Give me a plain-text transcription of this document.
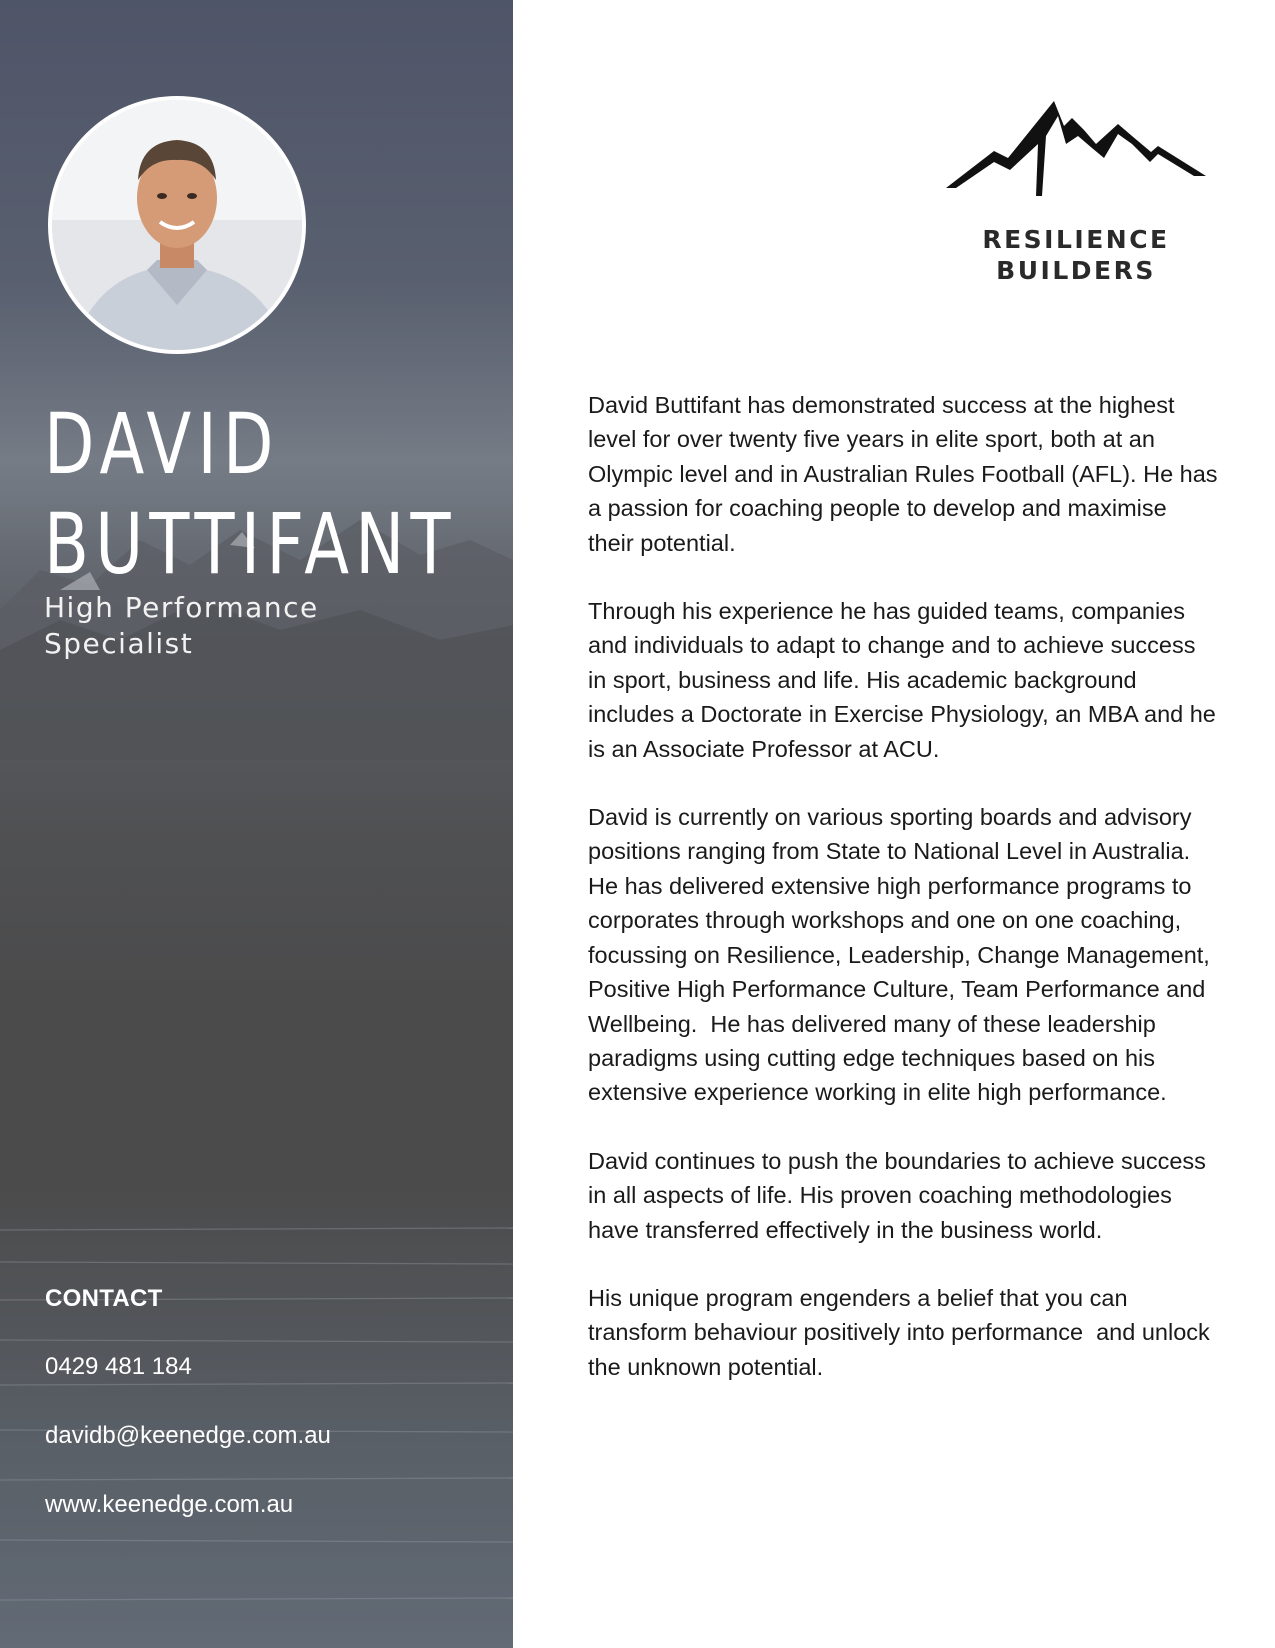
DAVID
BUTTIFANT
High Performance
Specialist
CONTACT
0429 481 184
davidb@keenedge.com.au
www.keenedge.com.au
RESILIENCE
BUILDERS

David Buttifant has demonstrated success at the highest level for over twenty five years in elite sport, both at an Olympic level and in Australian Rules Football (AFL). He has a passion for coaching people to develop and maximise their potential.

Through his experience he has guided teams, companies and individuals to adapt to change and to achieve success in sport, business and life. His academic background includes a Doctorate in Exercise Physiology, an MBA and he is an Associate Professor at ACU.

David is currently on various sporting boards and advisory positions ranging from State to National Level in Australia. He has delivered extensive high performance programs to corporates through workshops and one on one coaching, focussing on Resilience, Leadership, Change Management, Positive High Performance Culture, Team Performance and Wellbeing.  He has delivered many of these leadership paradigms using cutting edge techniques based on his extensive experience working in elite high performance.

David continues to push the boundaries to achieve success in all aspects of life. His proven coaching methodologies have transferred effectively in the business world.

His unique program engenders a belief that you can transform behaviour positively into performance  and unlock the unknown potential.
